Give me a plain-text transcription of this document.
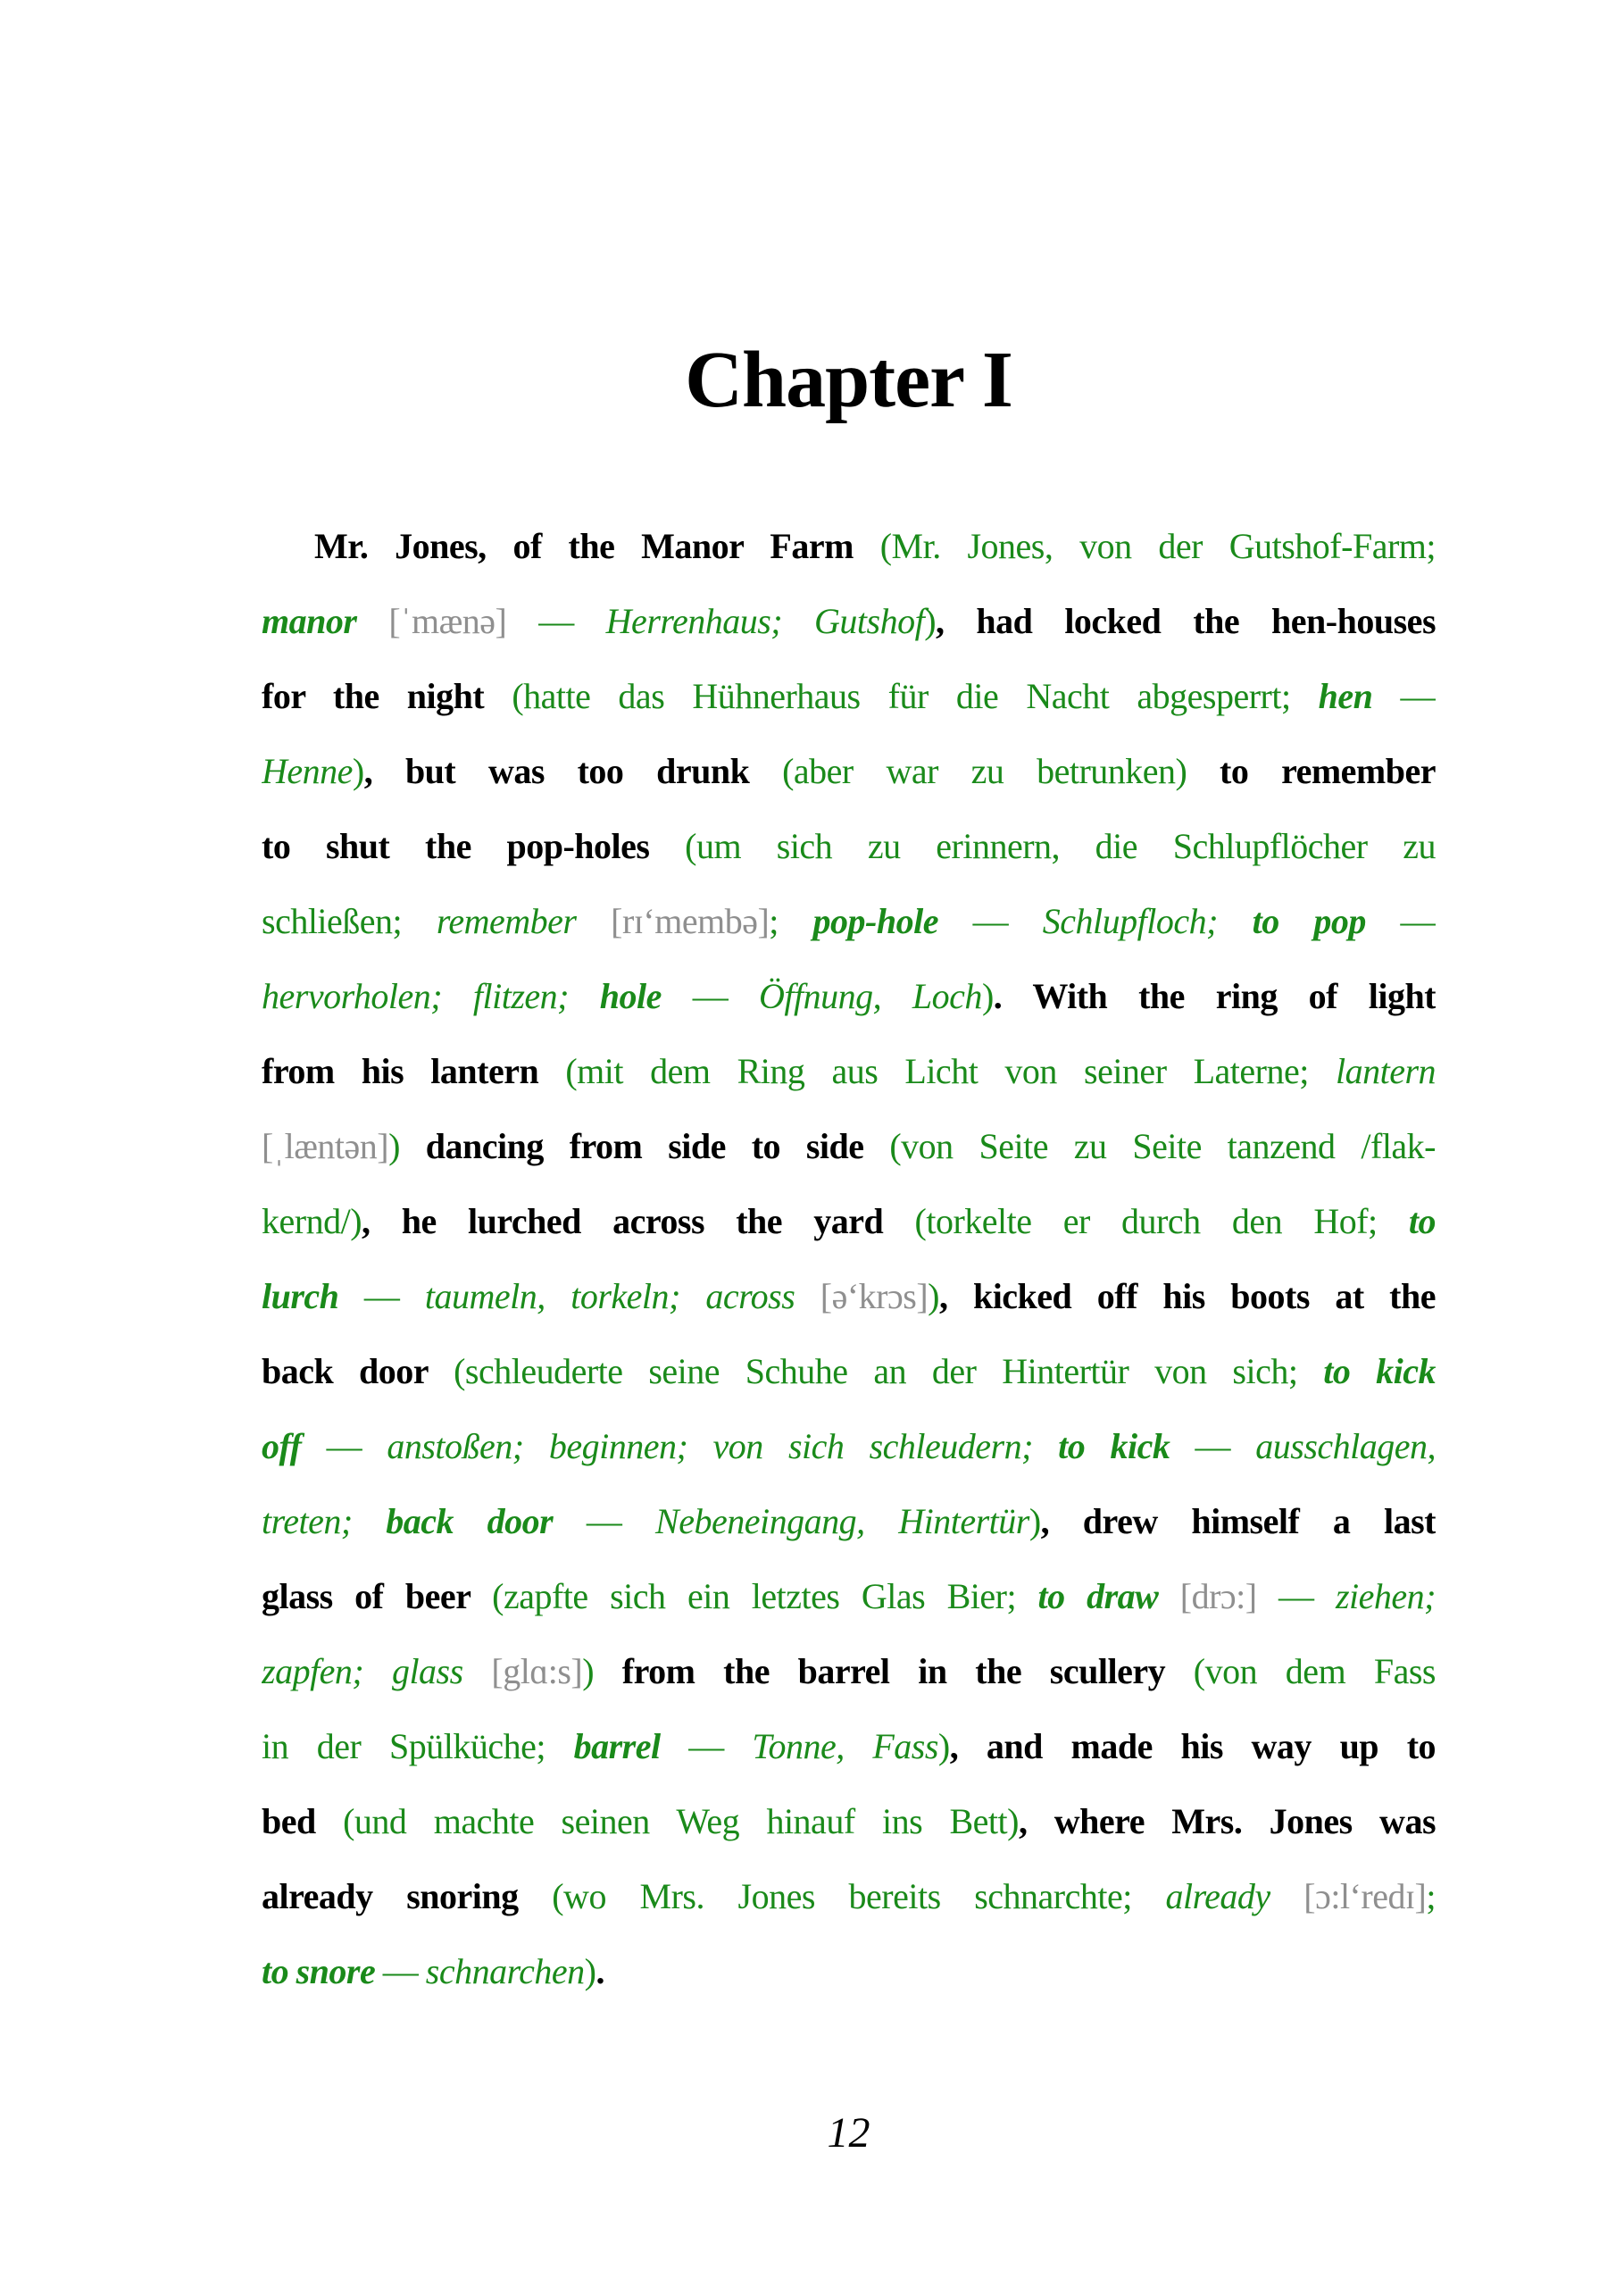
Chapter I
Mr. Jones, of the Manor Farm (Mr. Jones, von der Gutshof-Farm;
manor [ˈmænə] — Herrenhaus; Gutshof), had locked the hen-houses
for the night (hatte das Hühnerhaus für die Nacht abgesperrt; hen —
Henne), but was too drunk (aber war zu betrunken) to remember
to shut the pop-holes (um sich zu erinnern, die Schlupflöcher zu
schließen; remember [rɪʻmembə]; pop-hole — Schlupfloch; to pop —
hervorholen; flitzen; hole — Öffnung, Loch). With the ring of light
from his lantern (mit dem Ring aus Licht von seiner Laterne; lantern
[ˌlæntən]) dancing from side to side (von Seite zu Seite tanzend /flak-
kernd/), he lurched across the yard (torkelte er durch den Hof; to
lurch — taumeln, torkeln; across [əʻkrɔs]), kicked off his boots at the
back door (schleuderte seine Schuhe an der Hintertür von sich; to kick
off — anstoßen; beginnen; von sich schleudern; to kick — ausschlagen,
treten; back door — Nebeneingang, Hintertür), drew himself a last
glass of beer (zapfte sich ein letztes Glas Bier; to draw [drɔ:] — ziehen;
zapfen; glass [glɑ:s]) from the barrel in the scullery (von dem Fass
in der Spülküche; barrel — Tonne, Fass), and made his way up to
bed (und machte seinen Weg hinauf ins Bett), where Mrs. Jones was
already snoring (wo Mrs. Jones bereits schnarchte; already [ɔ:lʻredɪ];
to snore — schnarchen).
12
